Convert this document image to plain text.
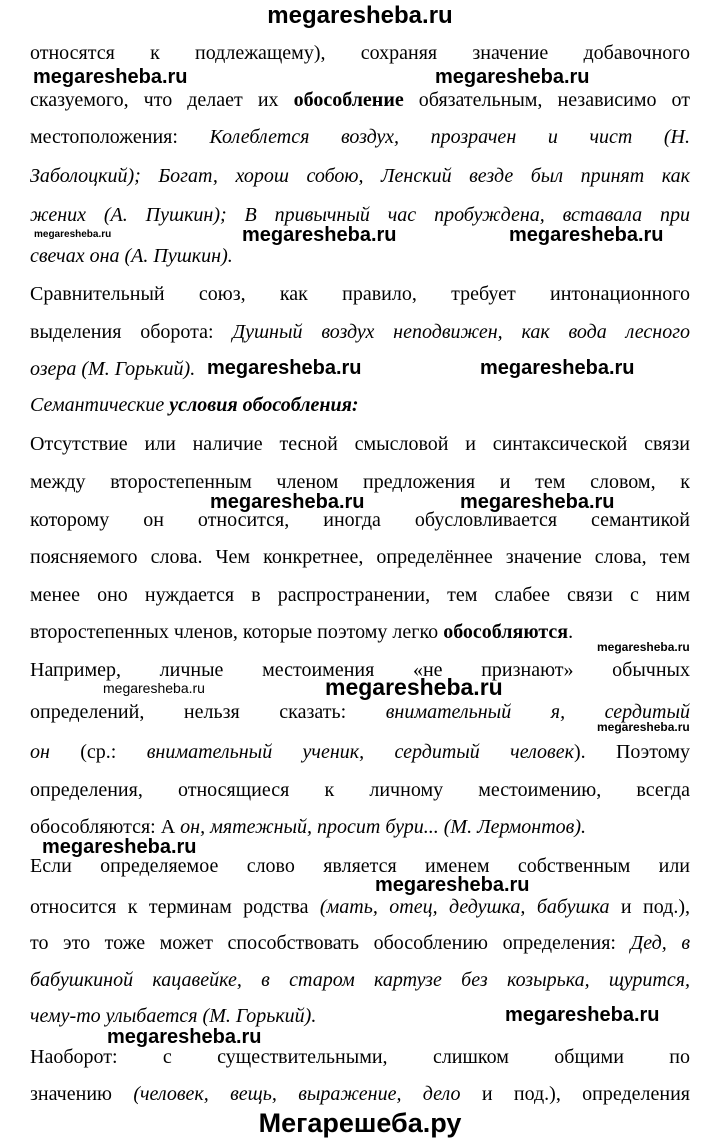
megaresheba.ru
относятся к подлежащему), сохраняя значение добавочного
megaresheba.ru	megaresheba.ru
сказуемого, что делает их обособление обязательным, независимо от
местоположения: Колеблется воздух, прозрачен и чист (Н.
Заболоцкий); Богат, хорош собою, Ленский везде был принят как
жених (А. Пушкин); В привычный час пробуждена, вставала при
megaresheba.ru	megaresheba.ru	megaresheba.ru
свечах она (А. Пушкин).
Сравнительный союз, как правило, требует интонационного
выделения оборота: Душный воздух неподвижен, как вода лесного
озера (М. Горький). megaresheba.ru	megaresheba.ru
Семантические условия обособления:
Отсутствие или наличие тесной смысловой и синтаксической связи
между второстепенным членом предложения и тем словом, к
megaresheba.ru	megaresheba.ru
которому он относится, иногда обусловливается семантикой
поясняемого слова. Чем конкретнее, определённее значение слова, тем
менее оно нуждается в распространении, тем слабее связи с ним
второстепенных членов, которые поэтому легко обособляются.
megaresheba.ru
Например, личные местоимения «не признают» обычных
megaresheba.ru	megaresheba.ru
определений, нельзя сказать: внимательный я, сердитый
megaresheba.ru
он (ср.: внимательный ученик, сердитый человек). Поэтому
определения, относящиеся к личному местоимению, всегда
обособляются: А он, мятежный, просит бури... (М. Лермонтов).
megaresheba.ru
Если определяемое слово является именем собственным или
megaresheba.ru
относится к терминам родства (мать, отец, дедушка, бабушка и под.),
то это тоже может способствовать обособлению определения: Дед, в
бабушкиной кацавейке, в старом картузе без козырька, щурится,
чему-то улыбается (М. Горький).	megaresheba.ru
megaresheba.ru
Наоборот: с существительными, слишком общими по
значению (человек, вещь, выражение, дело и под.), определения
Мегарешеба.ру
